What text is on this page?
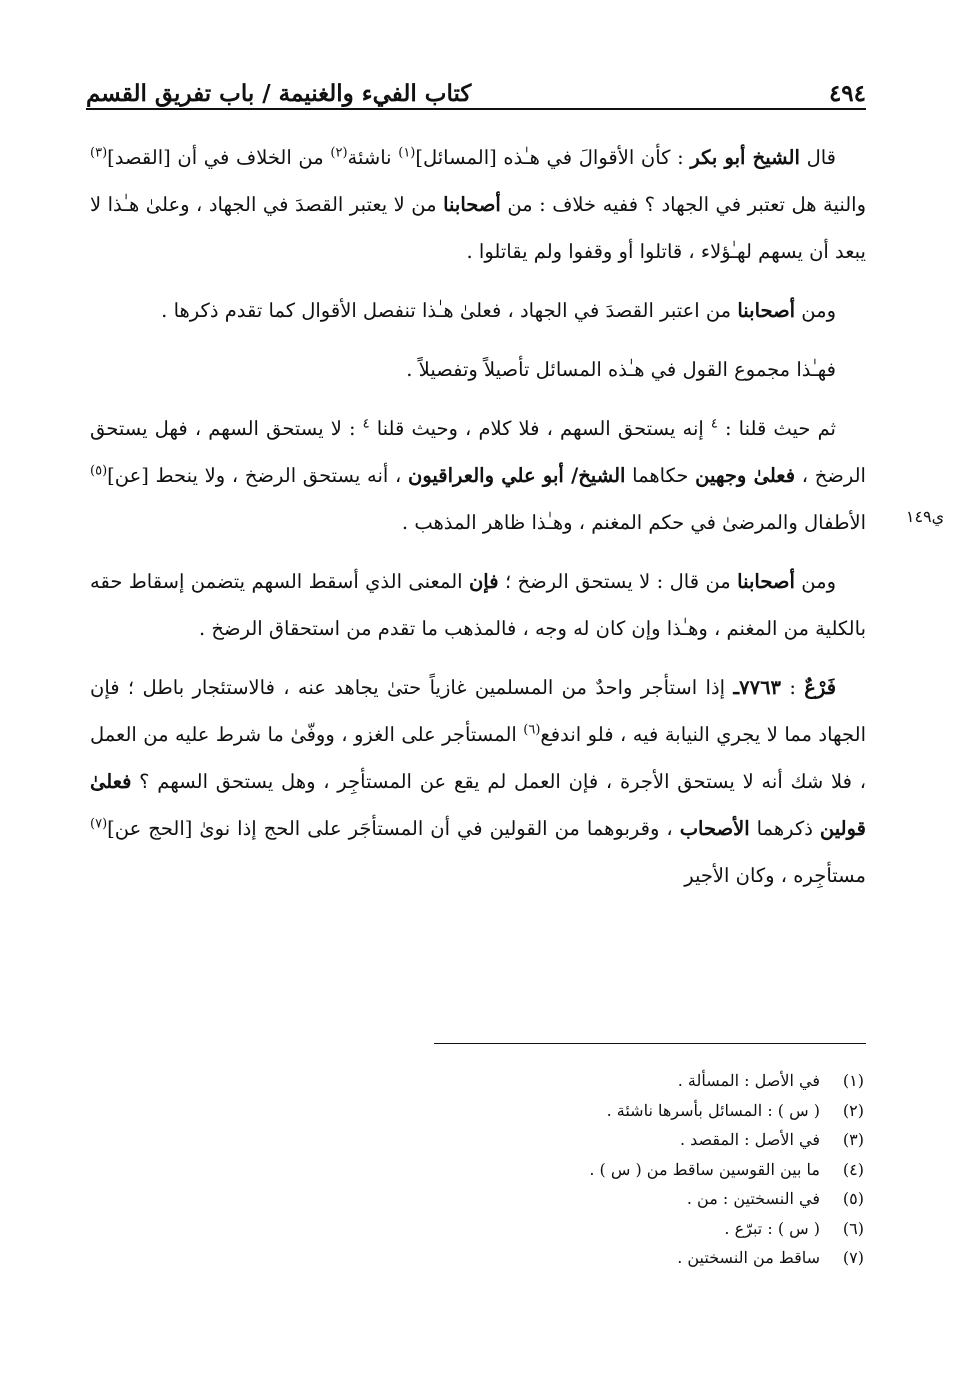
٤٩٤
كتاب الفيء والغنيمة / باب تفريق القسم
ي١٤٩

قال الشيخ أبو بكر : كأن الأقوالَ في هـٰذه [المسائل]$^{(١)}$ ناشئة$^{(٢)}$ من الخلاف في أن [القصد]$^{(٣)}$ والنية هل تعتبر في الجهاد ؟ ففيه خلاف : من أصحابنا من لا يعتبر القصدَ في الجهاد ، وعلىٰ هـٰذا لا يبعد أن يسهم لهـٰؤلاء ، قاتلوا أو وقفوا ولم يقاتلوا .

ومن أصحابنا من اعتبر القصدَ في الجهاد ، فعلىٰ هـٰذا تنفصل الأقوال كما تقدم ذكرها .

فهـٰذا مجموع القول في هـٰذه المسائل تأصيلاً وتفصيلاً .

ثم حيث قلنا : $^٤$ إنه يستحق السهم ، فلا كلام ، وحيث قلنا $^٤$ : لا يستحق السهم ، فهل يستحق الرضخ ، فعلىٰ وجهين حكاهما الشيخ/ أبو علي والعراقيون ، أنه يستحق الرضخ ، ولا ينحط [عن]$^{(٥)}$ الأطفال والمرضىٰ في حكم المغنم ، وهـٰذا ظاهر المذهب .

ومن أصحابنا من قال : لا يستحق الرضخ ؛ فإن المعنى الذي أسقط السهم يتضمن إسقاط حقه بالكلية من المغنم ، وهـٰذا وإن كان له وجه ، فالمذهب ما تقدم من استحقاق الرضخ .

فَرْعٌ : ٧٧٦٣ـ إذا استأجر واحدٌ من المسلمين غازياً حتىٰ يجاهد عنه ، فالاستئجار باطل ؛ فإن الجهاد مما لا يجري النيابة فيه ، فلو اندفع$^{(٦)}$ المستأجر على الغزو ، ووفّىٰ ما شرط عليه من العمل ، فلا شك أنه لا يستحق الأجرة ، فإن العمل لم يقع عن المستأجِر ، وهل يستحق السهم ؟ فعلىٰ قولين ذكرهما الأصحاب ، وقربوهما من القولين في أن المستأجَر على الحج إذا نوىٰ [الحج عن]$^{(٧)}$ مستأجِره ، وكان الأجير

(١)
في الأصل : المسألة .
(٢)
( س ) : المسائل بأسرها ناشئة .
(٣)
في الأصل : المقصد .
(٤)
ما بين القوسين ساقط من ( س ) .
(٥)
في النسختين : من .
(٦)
( س ) : تبرّع .
(٧)
ساقط من النسختين .
